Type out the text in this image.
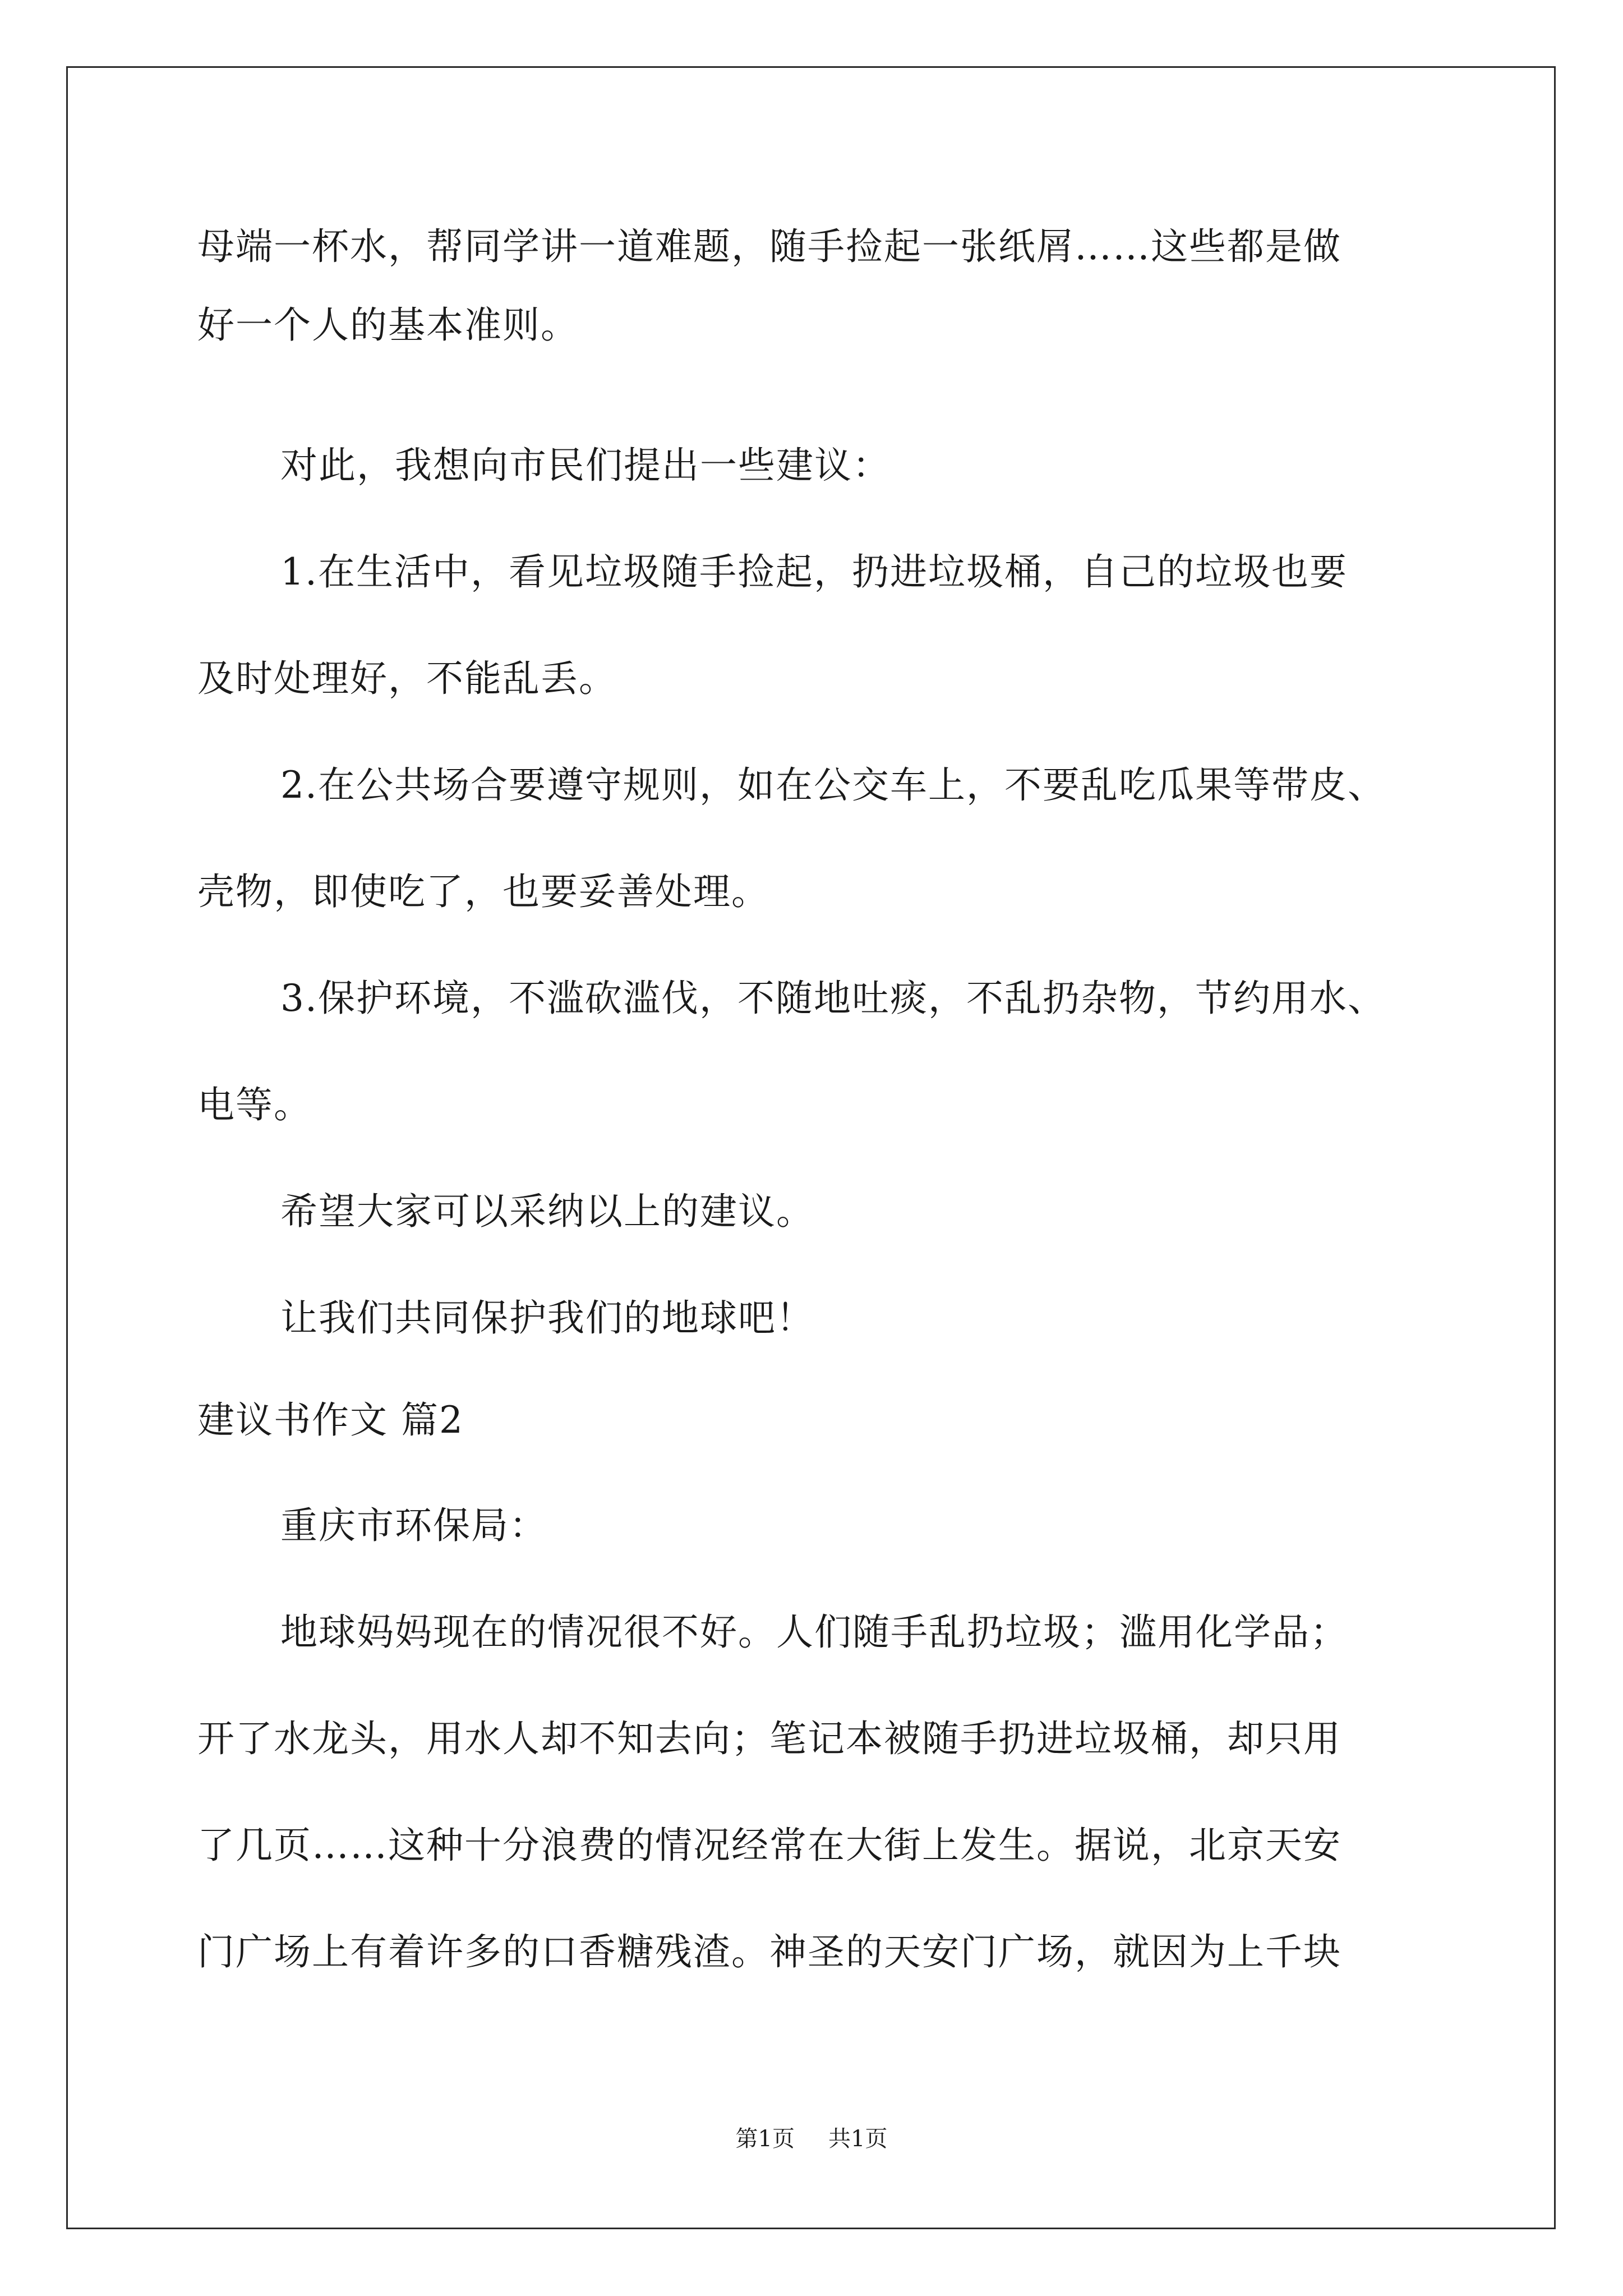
母端一杯水，帮同学讲一道难题，随手捡起一张纸屑……这些都是做
好一个人的基本准则。
对此，我想向市民们提出一些建议：
1.在生活中，看见垃圾随手捡起，扔进垃圾桶，自己的垃圾也要
及时处理好，不能乱丢。
2.在公共场合要遵守规则，如在公交车上，不要乱吃瓜果等带皮、
壳物，即使吃了，也要妥善处理。
3.保护环境，不滥砍滥伐，不随地吐痰，不乱扔杂物，节约用水、
电等。
希望大家可以采纳以上的建议。
让我们共同保护我们的地球吧！
建议书作文 篇2
重庆市环保局：
地球妈妈现在的情况很不好。人们随手乱扔垃圾；滥用化学品；
开了水龙头，用水人却不知去向；笔记本被随手扔进垃圾桶，却只用
了几页……这种十分浪费的情况经常在大街上发生。据说，北京天安
门广场上有着许多的口香糖残渣。神圣的天安门广场，就因为上千块
第1页 共1页
